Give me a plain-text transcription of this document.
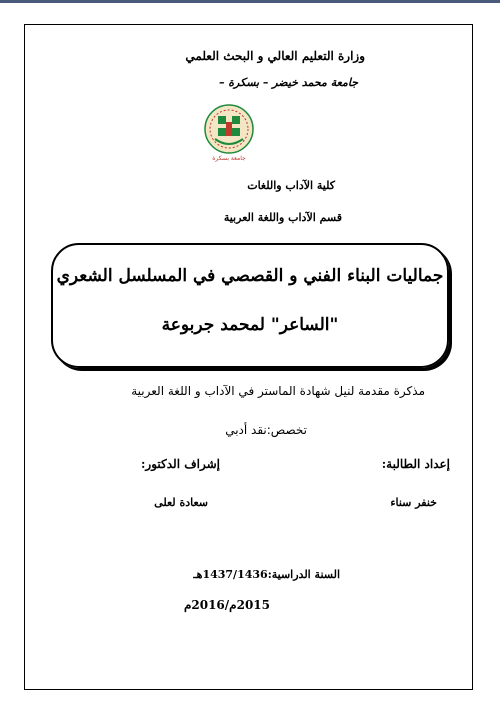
وزارة التعليم العالي و البحث العلمي
جامعة محمد خيضر – بسكرة –
جامعة بسكرة
كلية الآداب واللغات
قسم الآداب واللغة العربية
جماليات البناء الفني و القصصي في المسلسل الشعري
"الساعر" لمحمد جربوعة
مذكرة مقدمة لنيل شهادة الماستر في الآداب و اللغة العربية
تخصص:نقد أدبي
إعداد الطالبة:
إشراف الدكتور:
خنفر سناء
سعادة لعلى
السنة الدراسية:1437/1436هـ
2015م/2016م
